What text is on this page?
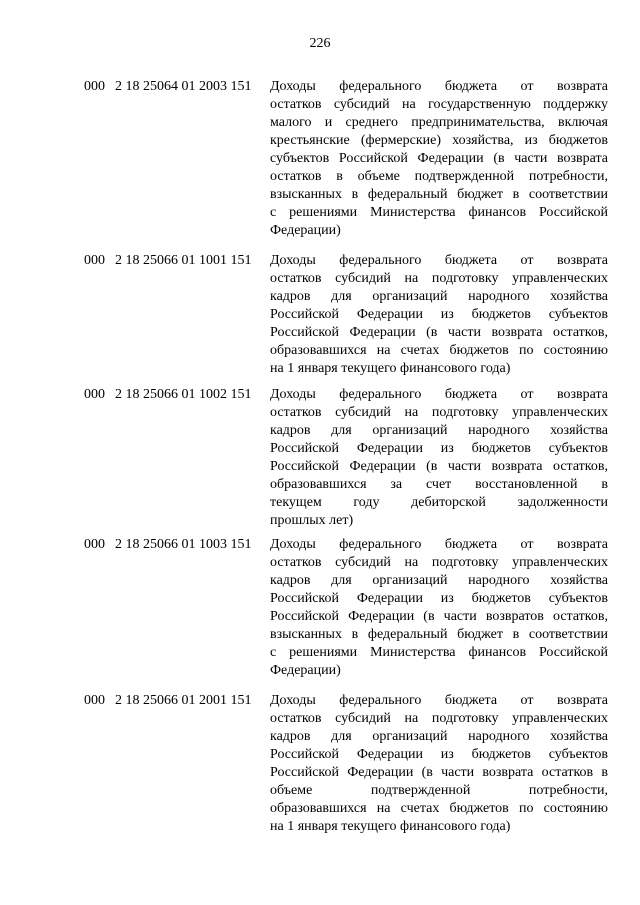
226
000 2 18 25064 01 2003 151 Доходы федерального бюджета от возврата
остатков субсидий на государственную поддержку
малого и среднего предпринимательства, включая
крестьянские (фермерские) хозяйства, из бюджетов
субъектов Российской Федерации (в части возврата
остатков в объеме подтвержденной потребности,
взысканных в федеральный бюджет в соответствии
с решениями Министерства финансов Российской
Федерации)
000 2 18 25066 01 1001 151 Доходы федерального бюджета от возврата
остатков субсидий на подготовку управленческих
кадров для организаций народного хозяйства
Российской Федерации из бюджетов субъектов
Российской Федерации (в части возврата остатков,
образовавшихся на счетах бюджетов по состоянию
на 1 января текущего финансового года)
000 2 18 25066 01 1002 151 Доходы федерального бюджета от возврата
остатков субсидий на подготовку управленческих
кадров для организаций народного хозяйства
Российской Федерации из бюджетов субъектов
Российской Федерации (в части возврата остатков,
образовавшихся за счет восстановленной в
текущем году дебиторской задолженности
прошлых лет)
000 2 18 25066 01 1003 151 Доходы федерального бюджета от возврата
остатков субсидий на подготовку управленческих
кадров для организаций народного хозяйства
Российской Федерации из бюджетов субъектов
Российской Федерации (в части возвратов остатков,
взысканных в федеральный бюджет в соответствии
с решениями Министерства финансов Российской
Федерации)
000 2 18 25066 01 2001 151 Доходы федерального бюджета от возврата
остатков субсидий на подготовку управленческих
кадров для организаций народного хозяйства
Российской Федерации из бюджетов субъектов
Российской Федерации (в части возврата остатков в
объеме подтвержденной потребности,
образовавшихся на счетах бюджетов по состоянию
на 1 января текущего финансового года)
